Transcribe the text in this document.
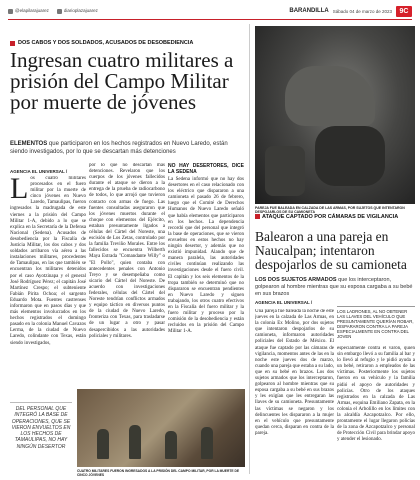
@elapilarajuarez	diarioplazajuarez	BARANDILLA Sábado 04 de marzo de 2023	9C
DOS CABOS Y DOS SOLDADOS, ACUSADOS DE DESOBEDIENCIA
Ingresan cuatro militares a prisión del Campo Militar por muerte de jóvenes
ELEMENTOS que participaron en los hechos registrados en Nuevo Laredo, están siendo investigados, por lo que se descartan más detenciones
AGENCIA EL UNIVERSAL /
Los cuatro militares procesados en el fuero militar por la muerte de cinco jóvenes en Nuevo Laredo, Tamaulipas, fueron ingresados la madrugada de este viernes a la prisión del Campo Militar 1-A, debido a lo que se explica en la Secretaría de la Defensa Nacional (Sedena). Acusados de desobediencia por la Fiscalía de Justicia Militar, los dos cabos y dos soldados arribaron vía aérea a las instalaciones militares, procedentes de Tamaulipas, en las que también se encuentran los militares detenidos por el caso Ayotzinapa y el general José Rodríguez Pérez; el capitán José Martínez Crespo; el subteniente Fabián Pirita Ochoa; el sargento Eduardo Mota. Fuentes castrenses informaron que en pasos días y que más elementos involucrados en los hechos registrados el domingo pasado en la colonia Manuel Cavazos Lerma, de la ciudad de Nuevo Laredo, colindante con Texas, están siendo investigados,
por lo que no descartan más detenciones. Revelaron que los cuerpos de los jóvenes fallecidos durante el ataque se dieron a la entrega de la prueba de radiocarbono de todos, lo que arrojó que tuvieron contacto con armas de fuego. Las fuentes consultadas aseguraron que los jóvenes muertos durante el choque con elementos del Ejército, estaban presuntamente ligados a células del Cártel del Noreste, una escisión de Los Zetas, controlado por la familia Treviño Morales. Entre los fallecidos se encuentra Wilberth Maya Estrada "Comandante Willy" o "El Pollo", quien contaba con antecedentes penales con Antonio Treyo y se desempeñaba como sicario del Cártel del Noreste. De acuerdo con investigaciones federales, células del Cártel del Noreste tendrían conflictos armados y equipo táctico en diversos puntos de la ciudad de Nuevo Laredo, fronteriza con Texas, para trasladarse de un lugar a otro y pasar desapercibidos a las autoridades policiales y militares.
NO HAY DESERTORES, DICE LA SEDENA
La Sedena informó que no hay dos desertores en el caso relacionado con los eléctrico que dispararon a una camioneta el pasado 26 de febrero, luego que el Comité de Derechos Humanos de Nuevo Laredo señaló que había elementos que participaron en los hechos. La dependencia recordó que del personal que integró la base de operaciones, que se vieron envueltos en estos hechos no hay ningún desertor, y además que no existió impunidad. Alando que de manera paralela, las autoridades civiles continúan realizando las investigaciones desde el fuero civil. El capitán y los seis elementos de la tropa también se determinó que no dispararon se encuentran pendientes en Nuevo Laredo y siguen trabajando, los otros cuatro efectivos en la Fiscalía del fuero militar y la fuero militar y proceso por la comisión de la desobediencia y están recluidos en la prisión del Campo Militar 1-A.
DEL PERSONAL QUE INTEGRÓ LA BASE DE OPERACIONES, QUE SE VIERON ENVUELTOS EN LOS HECHOS DE TAMAULIPAS, NO HAY NINGÚN DESERTOR
CUATRO MILITARES FUERON INGRESADOS A LA PRISIÓN DEL CAMPO MILITAR, POR LA MUERTE DE CINCO JÓVENES
PAREJA FUE BALEADA EN CALZADA DE LAS ARMAS, POR SUJETOS QUE INTENTARON DESPOJARLOS DE SU CAMIONETA
ATAQUE CAPTADO POR CÁMARAS DE VIGILANCIA
Balearon a una pareja en Naucalpan; intentaron despojarlos de su camioneta
LOS DOS SUJETOS ARMADOS que los interceptaron, golpearon al hombre mientras que su esposa cargaba a su bebé en sus brazos
AGENCIA EL UNIVERSAL /
Una pareja fue baleada la noche de este jueves en la calzada de Las Armas, en la colonia Ex Molino, por dos sujetos que intentaron despojarlos de su camioneta, informaron autoridades policiales del Estado de México. El ataque fue captado por las cámaras de vigilancia, momentos antes de las en la noche este jueves dos de marzo, cuando una pareja que estaba a su lado, que en su bebé en brazos. Los dos sujetos armados que los interceptaron, golpearon al hombre mientras que su esposa cargaba a su bebé en sus brazos y les exigían que les entregaran las llaves de su camioneta. Presuntamente las víctimas se negaron y los delincuentes les dispararon a la mujer en el vehículo que presuntamente quedan cerca, disparan en contra de la pareja.
LOS LADRONES, AL NO OBTENER LAS LLAVES DEL VEHÍCULO QUE PRESUNTAMENTE QUERÍAN ROBAR, DISPARARON CONTRA LA PAREJA ESPECIALMENTE EN CONTRA DEL JOVEN
especialmente contra el varón, quien sin embargo llevó a su familia al bar y lo llevó al refugio y le pidió ayuda a un bebé, retiraron a empleados de las víctimas. Posteriormente los sujetos fueron en su vehículo y la familia pidió el apoyo de autoridades y policías. Otro de los ataques registrados en la calzada de Las Armas, esquina Emiliano Zapata, en la colonia el Arbolillo en los límites con la alcaldía Azcapotzalco. Por ello, prontamente el lugar llegaron policías de la zona de Azcapotzalco y personal de Protección Civil para brindar apoyo y atender el lesionado.
